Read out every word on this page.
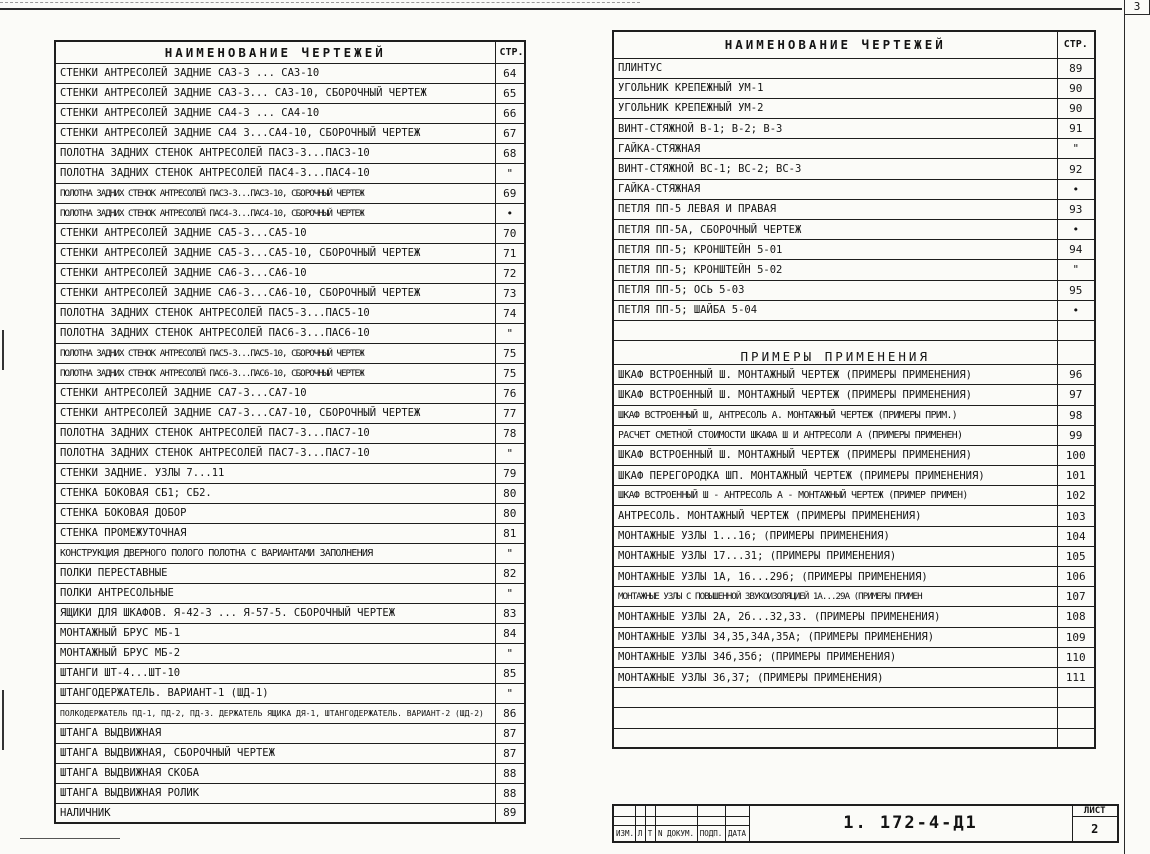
3
НАИМЕНОВАНИЕ ЧЕРТЕЖЕЙ	СТР.
СТЕНКИ АНТРЕСОЛЕЙ ЗАДНИЕ СА3-3 ... СА3-10	64
СТЕНКИ АНТРЕСОЛЕЙ ЗАДНИЕ СА3-3... СА3-10, СБОРОЧНЫЙ ЧЕРТЕЖ	65
СТЕНКИ АНТРЕСОЛЕЙ ЗАДНИЕ СА4-3 ... СА4-10	66
СТЕНКИ АНТРЕСОЛЕЙ ЗАДНИЕ СА4 3...СА4-10, СБОРОЧНЫЙ ЧЕРТЕЖ	67
ПОЛОТНА ЗАДНИХ СТЕНОК АНТРЕСОЛЕЙ ПАС3-3...ПАС3-10	68
ПОЛОТНА ЗАДНИХ СТЕНОК АНТРЕСОЛЕЙ ПАС4-3...ПАС4-10	"
ПОЛОТНА ЗАДНИХ СТЕНОК АНТРЕСОЛЕЙ ПАС3-3...ПАС3-10, СБОРОЧНЫЙ ЧЕРТЕЖ	69
ПОЛОТНА ЗАДНИХ СТЕНОК АНТРЕСОЛЕЙ ПАС4-3...ПАС4-10, СБОРОЧНЫЙ ЧЕРТЕЖ	•
СТЕНКИ АНТРЕСОЛЕЙ ЗАДНИЕ СА5-3...СА5-10	70
СТЕНКИ АНТРЕСОЛЕЙ ЗАДНИЕ СА5-3...СА5-10, СБОРОЧНЫЙ ЧЕРТЕЖ	71
СТЕНКИ АНТРЕСОЛЕЙ ЗАДНИЕ СА6-3...СА6-10	72
СТЕНКИ АНТРЕСОЛЕЙ ЗАДНИЕ СА6-3...СА6-10, СБОРОЧНЫЙ ЧЕРТЕЖ	73
ПОЛОТНА ЗАДНИХ СТЕНОК АНТРЕСОЛЕЙ ПАС5-3...ПАС5-10	74
ПОЛОТНА ЗАДНИХ СТЕНОК АНТРЕСОЛЕЙ ПАС6-3...ПАС6-10	"
ПОЛОТНА ЗАДНИХ СТЕНОК АНТРЕСОЛЕЙ ПАС5-3...ПАС5-10, СБОРОЧНЫЙ ЧЕРТЕЖ	75
ПОЛОТНА ЗАДНИХ СТЕНОК АНТРЕСОЛЕЙ ПАС6-3...ПАС6-10, СБОРОЧНЫЙ ЧЕРТЕЖ	75
СТЕНКИ АНТРЕСОЛЕЙ ЗАДНИЕ СА7-3...СА7-10	76
СТЕНКИ АНТРЕСОЛЕЙ ЗАДНИЕ СА7-3...СА7-10, СБОРОЧНЫЙ ЧЕРТЕЖ	77
ПОЛОТНА ЗАДНИХ СТЕНОК АНТРЕСОЛЕЙ ПАС7-3...ПАС7-10	78
ПОЛОТНА ЗАДНИХ СТЕНОК АНТРЕСОЛЕЙ ПАС7-3...ПАС7-10	"
СТЕНКИ ЗАДНИЕ. УЗЛЫ 7...11	79
СТЕНКА БОКОВАЯ СБ1; СБ2.	80
СТЕНКА БОКОВАЯ ДОБОР	80
СТЕНКА ПРОМЕЖУТОЧНАЯ	81
КОНСТРУКЦИЯ ДВЕРНОГО ПОЛОГО ПОЛОТНА С ВАРИАНТАМИ ЗАПОЛНЕНИЯ	"
ПОЛКИ ПЕРЕСТАВНЫЕ	82
ПОЛКИ АНТРЕСОЛЬНЫЕ	"
ЯЩИКИ ДЛЯ ШКАФОВ. Я-42-3 ... Я-57-5. СБОРОЧНЫЙ ЧЕРТЕЖ	83
МОНТАЖНЫЙ БРУС МБ-1	84
МОНТАЖНЫЙ БРУС МБ-2	"
ШТАНГИ ШТ-4...ШТ-10	85
ШТАНГОДЕРЖАТЕЛЬ. ВАРИАНТ-1 (ШД-1)	"
ПОЛКОДЕРЖАТЕЛЬ ПД-1, ПД-2, ПД-3. ДЕРЖАТЕЛЬ ЯЩИКА ДЯ-1, ШТАНГОДЕРЖАТЕЛЬ. ВАРИАНТ-2 (ШД-2)	86
ШТАНГА ВЫДВИЖНАЯ	87
ШТАНГА ВЫДВИЖНАЯ, СБОРОЧНЫЙ ЧЕРТЕЖ	87
ШТАНГА ВЫДВИЖНАЯ СКОБА	88
ШТАНГА ВЫДВИЖНАЯ РОЛИК	88
НАЛИЧНИК	89
НАИМЕНОВАНИЕ ЧЕРТЕЖЕЙ	СТР.
ПЛИНТУС	89
УГОЛЬНИК КРЕПЕЖНЫЙ УМ-1	90
УГОЛЬНИК КРЕПЕЖНЫЙ УМ-2	90
ВИНТ-СТЯЖНОЙ В-1; В-2; В-3	91
ГАЙКА-СТЯЖНАЯ	"
ВИНТ-СТЯЖНОЙ ВС-1; ВС-2; ВС-3	92
ГАЙКА-СТЯЖНАЯ	•
ПЕТЛЯ ПП-5 ЛЕВАЯ И ПРАВАЯ	93
ПЕТЛЯ ПП-5А, СБОРОЧНЫЙ ЧЕРТЕЖ	•
ПЕТЛЯ ПП-5; КРОНШТЕЙН 5-01	94
ПЕТЛЯ ПП-5; КРОНШТЕЙН 5-02	"
ПЕТЛЯ ПП-5; ОСЬ 5-03	95
ПЕТЛЯ ПП-5; ШАЙБА 5-04	•

ПРИМЕРЫ ПРИМЕНЕНИЯ	
ШКАФ ВСТРОЕННЫЙ Ш. МОНТАЖНЫЙ ЧЕРТЕЖ (ПРИМЕРЫ ПРИМЕНЕНИЯ)	96
ШКАФ ВСТРОЕННЫЙ Ш. МОНТАЖНЫЙ ЧЕРТЕЖ (ПРИМЕРЫ ПРИМЕНЕНИЯ)	97
ШКАФ ВСТРОЕННЫЙ Ш, АНТРЕСОЛЬ А. МОНТАЖНЫЙ ЧЕРТЕЖ (ПРИМЕРЫ ПРИМ.)	98
РАСЧЕТ СМЕТНОЙ СТОИМОСТИ ШКАФА Ш И АНТРЕСОЛИ А (ПРИМЕРЫ ПРИМЕНЕН)	99
ШКАФ ВСТРОЕННЫЙ Ш. МОНТАЖНЫЙ ЧЕРТЕЖ (ПРИМЕРЫ ПРИМЕНЕНИЯ)	100
ШКАФ ПЕРЕГОРОДКА ШП. МОНТАЖНЫЙ ЧЕРТЕЖ (ПРИМЕРЫ ПРИМЕНЕНИЯ)	101
ШКАФ ВСТРОЕННЫЙ Ш - АНТРЕСОЛЬ А - МОНТАЖНЫЙ ЧЕРТЕЖ (ПРИМЕР ПРИМЕН)	102
АНТРЕСОЛЬ. МОНТАЖНЫЙ ЧЕРТЕЖ (ПРИМЕРЫ ПРИМЕНЕНИЯ)	103
МОНТАЖНЫЕ УЗЛЫ 1...16; (ПРИМЕРЫ ПРИМЕНЕНИЯ)	104
МОНТАЖНЫЕ УЗЛЫ 17...31; (ПРИМЕРЫ ПРИМЕНЕНИЯ)	105
МОНТАЖНЫЕ УЗЛЫ 1А, 16...29б; (ПРИМЕРЫ ПРИМЕНЕНИЯ)	106
МОНТАЖНЫЕ УЗЛЫ С ПОВЫШЕННОЙ ЗВУКОИЗОЛЯЦИЕЙ 1А...29А (ПРИМЕРЫ ПРИМЕН	107
МОНТАЖНЫЕ УЗЛЫ 2А, 2б...32,33. (ПРИМЕРЫ ПРИМЕНЕНИЯ)	108
МОНТАЖНЫЕ УЗЛЫ 34,35,34А,35А; (ПРИМЕРЫ ПРИМЕНЕНИЯ)	109
МОНТАЖНЫЕ УЗЛЫ 34б,35б; (ПРИМЕРЫ ПРИМЕНЕНИЯ)	110
МОНТАЖНЫЕ УЗЛЫ 36,37; (ПРИМЕРЫ ПРИМЕНЕНИЯ)	111

						1. 172-4-Д1	ЛИСТ
							2
ИЗМ.	Л	Т	N ДОКУМ.	ПОДП.	ДАТА		
